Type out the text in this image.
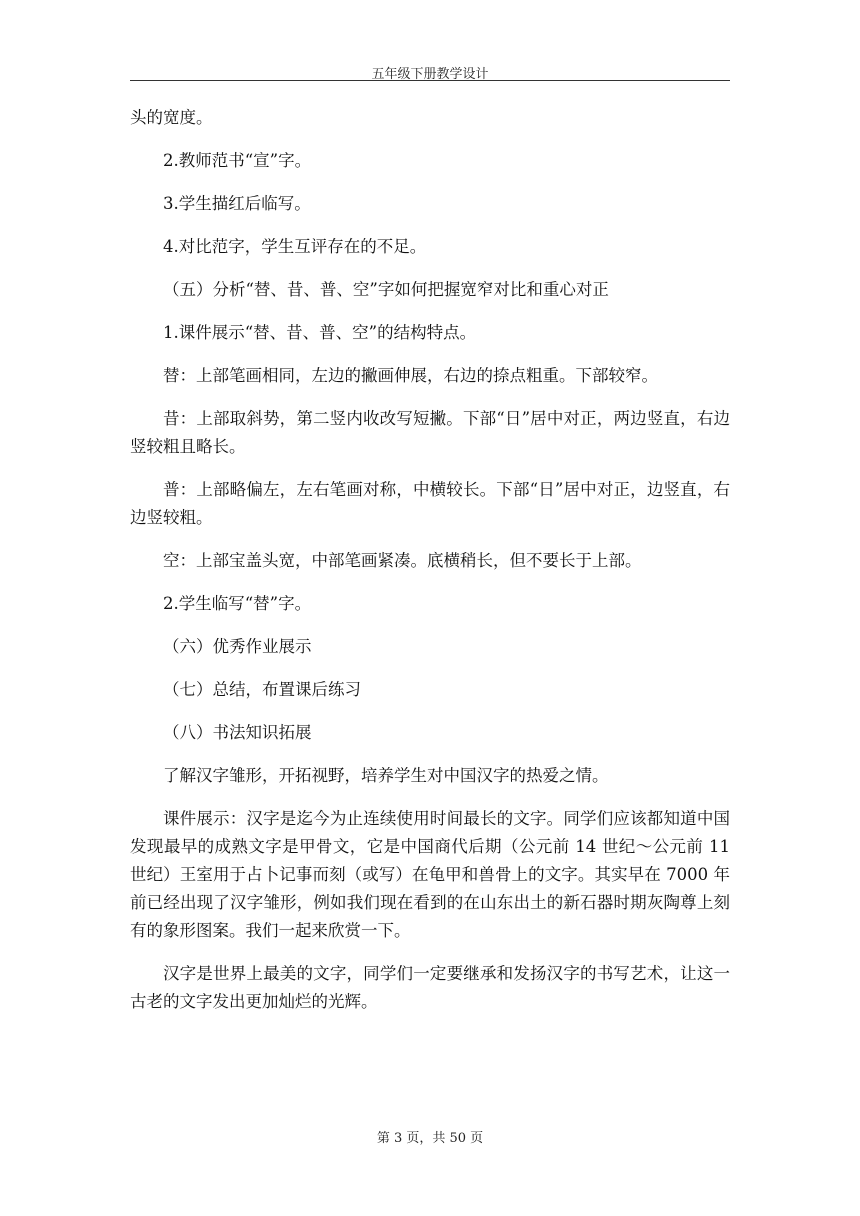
五年级下册教学设计

头的宽度。

2.教师范书“宣”字。

3.学生描红后临写。

4.对比范字，学生互评存在的不足。

（五）分析“替、昔、普、空”字如何把握宽窄对比和重心对正

1.课件展示“替、昔、普、空”的结构特点。

替：上部笔画相同，左边的撇画伸展，右边的捺点粗重。下部较窄。

昔：上部取斜势，第二竖内收改写短撇。下部“日”居中对正，两边竖直，右边竖较粗且略长。

普：上部略偏左，左右笔画对称，中横较长。下部“日”居中对正，边竖直，右边竖较粗。

空：上部宝盖头宽，中部笔画紧凑。底横稍长，但不要长于上部。

2.学生临写“替”字。

（六）优秀作业展示

（七）总结，布置课后练习

（八）书法知识拓展

了解汉字雏形，开拓视野，培养学生对中国汉字的热爱之情。

课件展示：汉字是迄今为止连续使用时间最长的文字。同学们应该都知道中国发现最早的成熟文字是甲骨文，它是中国商代后期（公元前 14 世纪～公元前 11 世纪）王室用于占卜记事而刻（或写）在龟甲和兽骨上的文字。其实早在 7000 年前已经出现了汉字雏形，例如我们现在看到的在山东出土的新石器时期灰陶尊上刻有的象形图案。我们一起来欣赏一下。

汉字是世界上最美的文字，同学们一定要继承和发扬汉字的书写艺术，让这一古老的文字发出更加灿烂的光辉。

第 3 页，共 50 页
